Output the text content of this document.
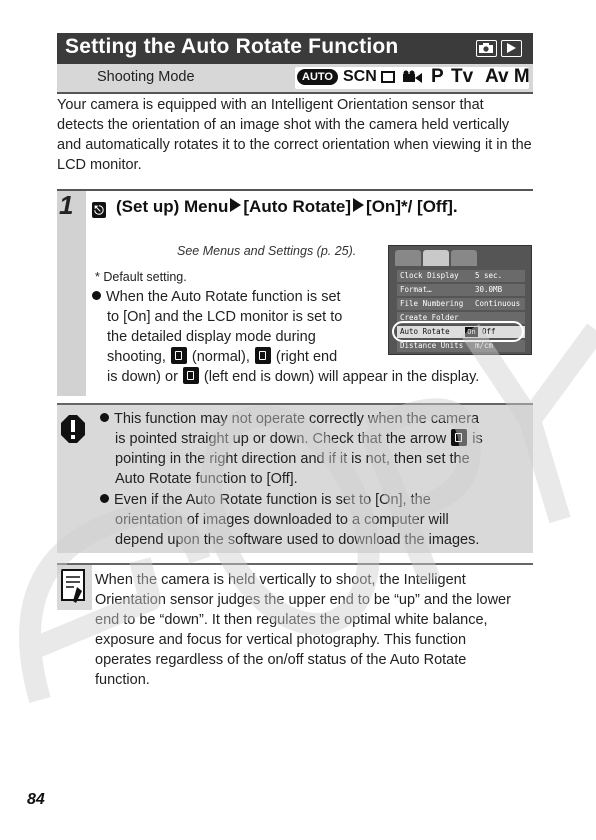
Setting the Auto Rotate Function
Shooting Mode	AUTO SCN	P Tv Av M
Your camera is equipped with an Intelligent Orientation sensor that detects the orientation of an image shot with the camera held vertically and automatically rotates it to the correct orientation when viewing it in the LCD monitor.
1 ⎋ (Set up) Menu [Auto Rotate] [On]*/ [Off].
See Menus and Settings (p. 25).
* Default setting.
When the Auto Rotate function is set
to [On] and the LCD monitor is set to
the detailed display mode during
shooting, (normal), (right end
is down) or (left end is down) will appear in the display.
Clock Display 5 sec.
Format…	30.0MB
File Numbering Continuous
Create Folder
Auto Rotate	On Off
Distance Units m/cm
This function may not operate correctly when the camera
is pointed straight up or down. Check that the arrow is
pointing in the right direction and if it is not, then set the
Auto Rotate function to [Off].
Even if the Auto Rotate function is set to [On], the
orientation of images downloaded to a computer will
depend upon the software used to download the images.
When the camera is held vertically to shoot, the Intelligent Orientation sensor judges the upper end to be “up” and the lower end to be “down”. It then regulates the optimal white balance, exposure and focus for vertical photography. This function operates regardless of the on/off status of the Auto Rotate function.
84
